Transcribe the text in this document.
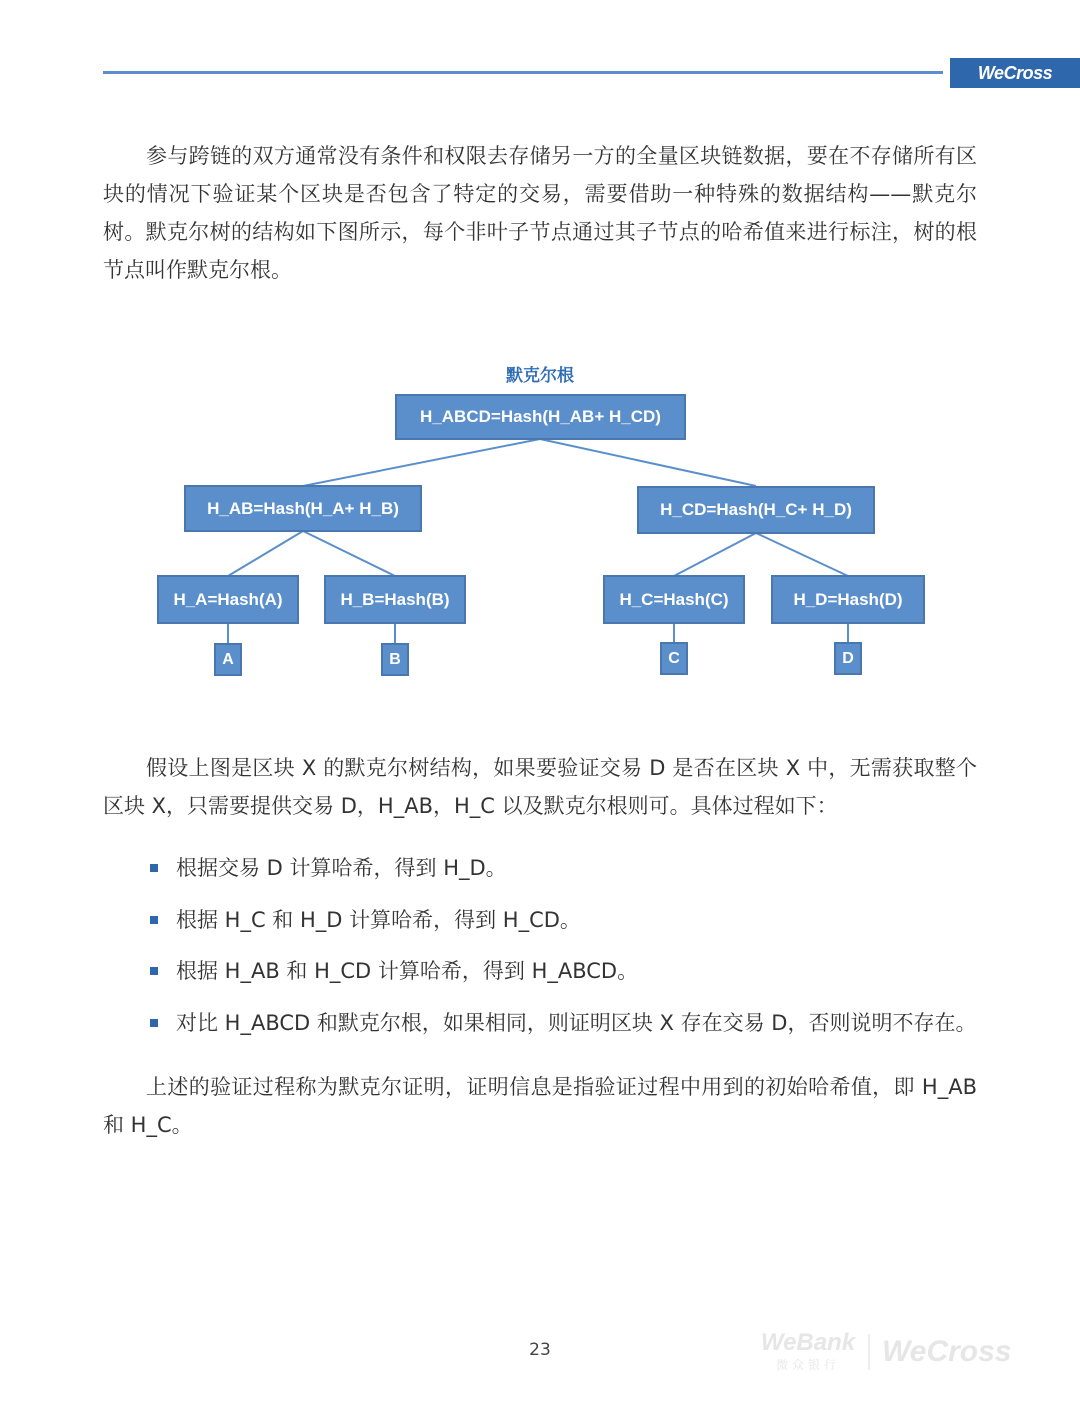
WeCross

参与跨链的双方通常没有条件和权限去存储另一方的全量区块链数据，要在不存储所有区块的情况下验证某个区块是否包含了特定的交易，需要借助一种特殊的数据结构——默克尔树。默克尔树的结构如下图所示，每个非叶子节点通过其子节点的哈希值来进行标注，树的根节点叫作默克尔根。

默克尔根
H_ABCD=Hash(H_AB+ H_CD)
H_AB=Hash(H_A+ H_B)	H_CD=Hash(H_C+ H_D)
H_A=Hash(A)	H_B=Hash(B)	H_C=Hash(C)	H_D=Hash(D)
A	B	C	D

假设上图是区块 X 的默克尔树结构，如果要验证交易 D 是否在区块 X 中，无需获取整个区块 X，只需要提供交易 D，H_AB，H_C 以及默克尔根则可。具体过程如下：

根据交易 D 计算哈希，得到 H_D。
根据 H_C 和 H_D 计算哈希，得到 H_CD。
根据 H_AB 和 H_CD 计算哈希，得到 H_ABCD。
对比 H_ABCD 和默克尔根，如果相同，则证明区块 X 存在交易 D，否则说明不存在。

上述的验证过程称为默克尔证明，证明信息是指验证过程中用到的初始哈希值，即 H_AB 和 H_C。

23	WeBank
微众银行	WeCross
